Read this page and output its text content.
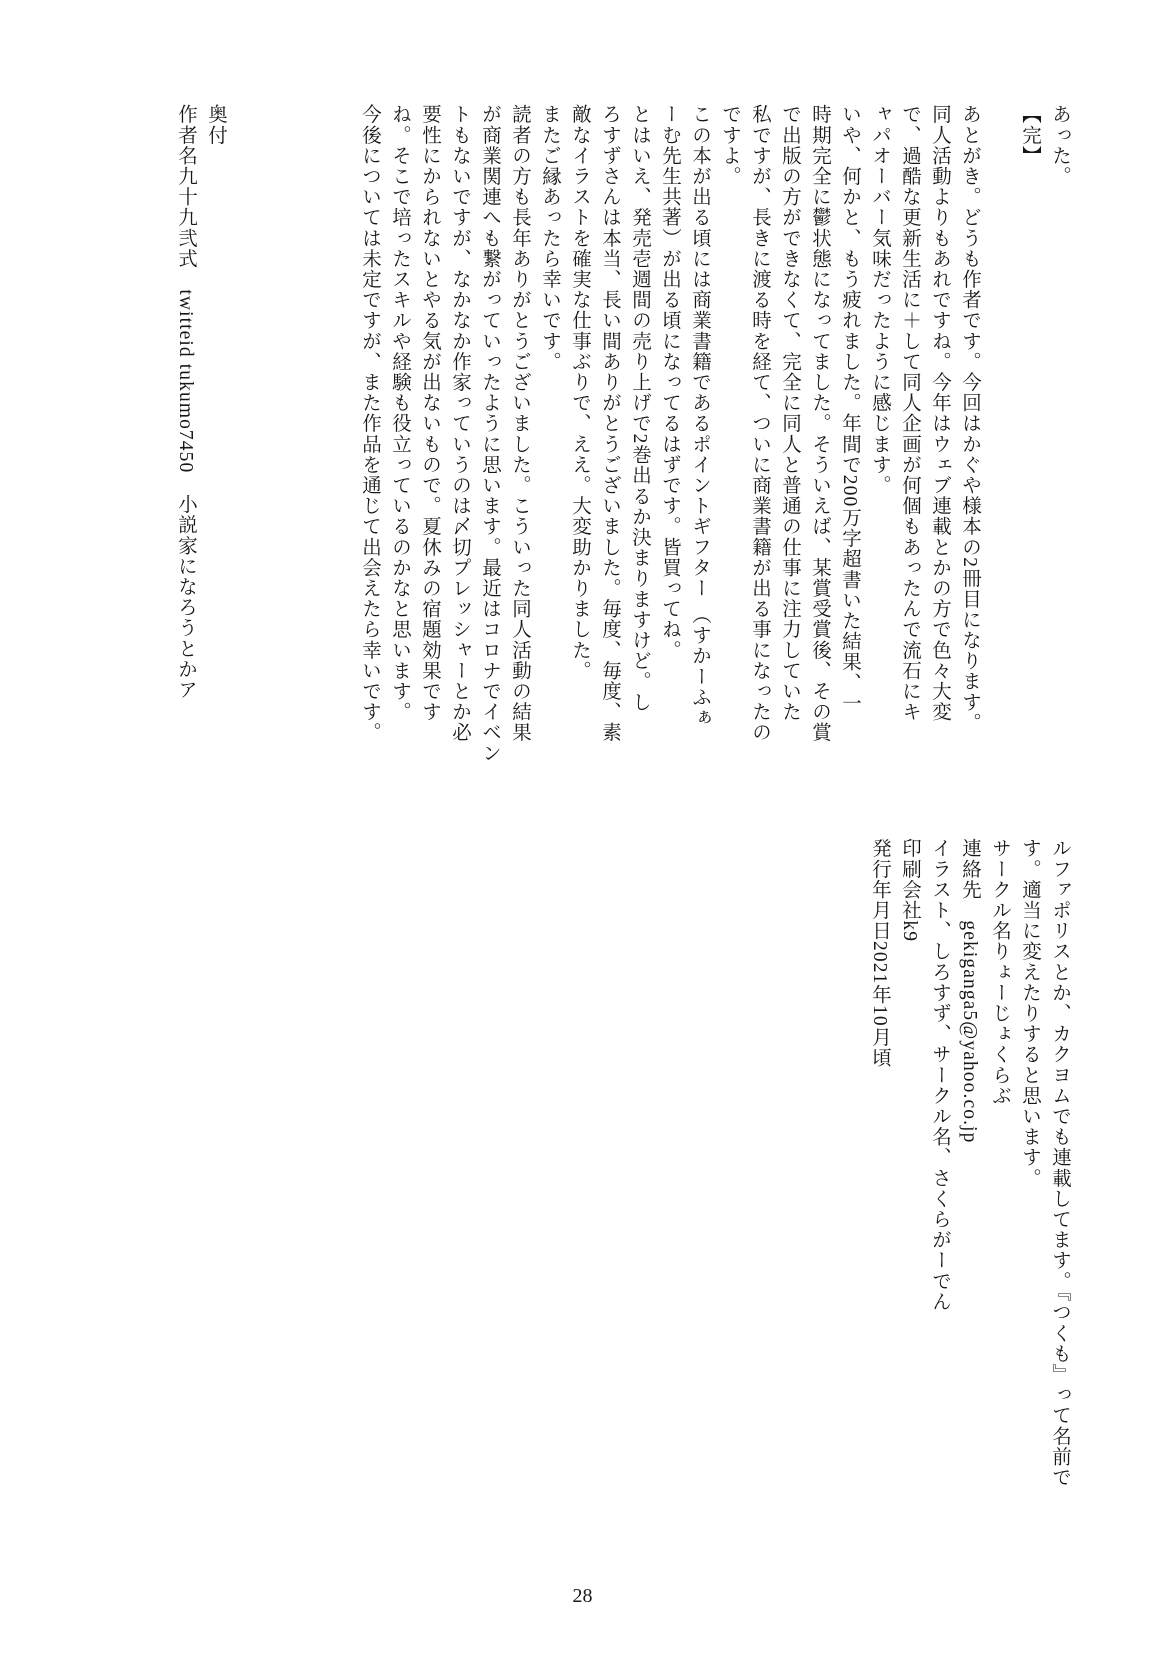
あった。
【完】
あとがき。どうも作者です。今回はかぐや様本の2冊目になります。
同人活動よりもあれですね。今年はウェブ連載とかの方で色々大変
で、過酷な更新生活に＋して同人企画が何個もあったんで流石にキ
ャパオーバー気味だったように感じます。
いや、何かと、もう疲れました。年間で200万字超書いた結果、一
時期完全に鬱状態になってました。そういえば、某賞受賞後、その賞
で出版の方ができなくて、完全に同人と普通の仕事に注力していた
私ですが、長きに渡る時を経て、ついに商業書籍が出る事になったの
ですよ。
この本が出る頃には商業書籍であるポイントギフター （すかーふぁ
ーむ先生共著）が出る頃になってるはずです。皆買ってね。
とはいえ、発売壱週間の売り上げで2巻出るか決まりますけど。し
ろすずさんは本当、長い間ありがとうございました。毎度、毎度、素
敵なイラストを確実な仕事ぶりで、ええ。大変助かりました。
またご縁あったら幸いです。
読者の方も長年ありがとうございました。こういった同人活動の結果
が商業関連へも繋がっていったように思います。最近はコロナでイベン
トもないですが、なかなか作家っていうのは〆切プレッシャーとか必
要性にかられないとやる気が出ないもので。夏休みの宿題効果です
ね。そこで培ったスキルや経験も役立っているのかなと思います。
今後については未定ですが、また作品を通じて出会えたら幸いです。
奥付
作者名九十九弐式　twitteid tukumo7450　小説家になろうとかア
ルファポリスとか、カクヨムでも連載してます。『つくも』って名前で
す。適当に変えたりすると思います。
サークル名りょーじょくらぶ
連絡先　gekiganga5@yahoo.co.jp
イラスト、しろすず、サークル名、さくらがーでん
印刷会社k9
発行年月日2021年10月頃
28
